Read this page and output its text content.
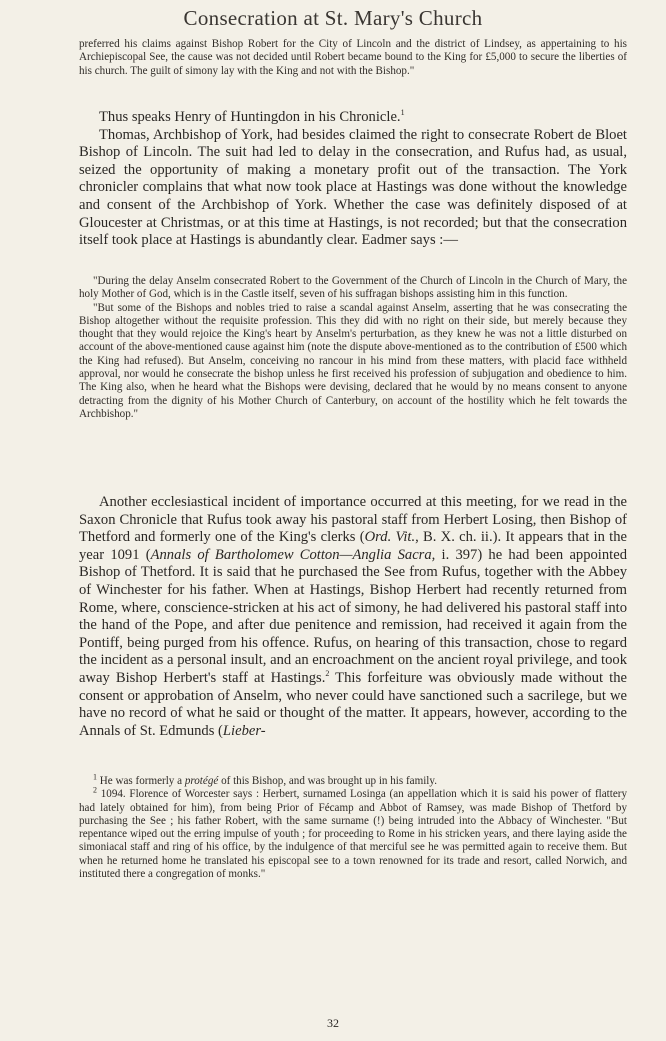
Consecration at St. Mary's Church

preferred his claims against Bishop Robert for the City of Lincoln and the district of Lindsey, as appertaining to his Archiepiscopal See, the cause was not decided until Robert became bound to the King for £5,000 to secure the liberties of his church. The guilt of simony lay with the King and not with the Bishop."

Thus speaks Henry of Huntingdon in his Chronicle.$^1$

Thomas, Archbishop of York, had besides claimed the right to consecrate Robert de Bloet Bishop of Lincoln. The suit had led to delay in the consecration, and Rufus had, as usual, seized the opportunity of making a monetary profit out of the transaction. The York chronicler complains that what now took place at Hastings was done without the knowledge and consent of the Archbishop of York. Whether the case was definitely disposed of at Gloucester at Christmas, or at this time at Hastings, is not recorded; but that the consecration itself took place at Hastings is abundantly clear. Eadmer says :—

"During the delay Anselm consecrated Robert to the Government of the Church of Lincoln in the Church of Mary, the holy Mother of God, which is in the Castle itself, seven of his suffragan bishops assisting him in this function.

"But some of the Bishops and nobles tried to raise a scandal against Anselm, asserting that he was consecrating the Bishop altogether without the requisite profession. This they did with no right on their side, but merely because they thought that they would rejoice the King's heart by Anselm's perturbation, as they knew he was not a little disturbed on account of the above-mentioned cause against him (note the dispute above-mentioned as to the contribution of £500 which the King had refused). But Anselm, conceiving no rancour in his mind from these matters, with placid face withheld approval, nor would he consecrate the bishop unless he first received his profession of subjugation and obedience to him. The King also, when he heard what the Bishops were devising, declared that he would by no means consent to anyone detracting from the dignity of his Mother Church of Canterbury, on account of the hostility which he felt towards the Archbishop."

Another ecclesiastical incident of importance occurred at this meeting, for we read in the Saxon Chronicle that Rufus took away his pastoral staff from Herbert Losing, then Bishop of Thetford and formerly one of the King's clerks (Ord. Vit., B. X. ch. ii.). It appears that in the year 1091 (Annals of Bartholomew Cotton—Anglia Sacra, i. 397) he had been appointed Bishop of Thetford. It is said that he purchased the See from Rufus, together with the Abbey of Winchester for his father. When at Hastings, Bishop Herbert had recently returned from Rome, where, conscience-stricken at his act of simony, he had delivered his pastoral staff into the hand of the Pope, and after due penitence and remission, had received it again from the Pontiff, being purged from his offence. Rufus, on hearing of this transaction, chose to regard the incident as a personal insult, and an encroachment on the ancient royal privilege, and took away Bishop Herbert's staff at Hastings.$^2$ This forfeiture was obviously made without the consent or approbation of Anselm, who never could have sanctioned such a sacrilege, but we have no record of what he said or thought of the matter. It appears, however, according to the Annals of St. Edmunds (Lieber-

$^1$ He was formerly a protégé of this Bishop, and was brought up in his family.

$^2$ 1094. Florence of Worcester says : Herbert, surnamed Losinga (an appellation which it is said his power of flattery had lately obtained for him), from being Prior of Fécamp and Abbot of Ramsey, was made Bishop of Thetford by purchasing the See ; his father Robert, with the same surname (!) being intruded into the Abbacy of Winchester. "But repentance wiped out the erring impulse of youth ; for proceeding to Rome in his stricken years, and there laying aside the simoniacal staff and ring of his office, by the indulgence of that merciful see he was permitted again to receive them. But when he returned home he translated his episcopal see to a town renowned for its trade and resort, called Norwich, and instituted there a congregation of monks."

32
